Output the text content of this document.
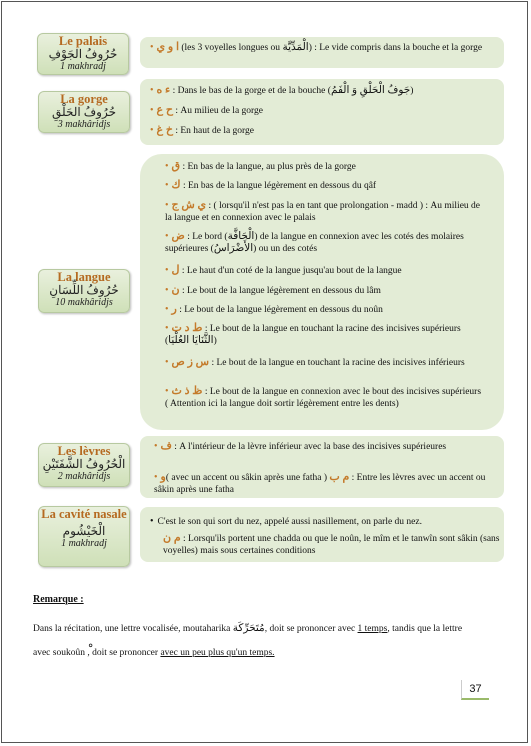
Le palais
حُرُوفُ الجَوْفِ
1 makhradj
• ا و ي (les 3 voyelles longues ou الْمَدِّيَّة) : Le vide compris dans la bouche et la gorge
La gorge
حُرُوفُ الحَلْقِ
3 makhâridjs
• ء ه : Dans le bas de la gorge et de la bouche (جَوفُ الْحَلْقِ وَ الْفَمُ)
• ح ع : Au milieu de la gorge
• خ غ : En haut de la gorge
La langue
حُرُوفُ اللِّسَانِ
10 makhâridjs
• ق : En bas de la langue, au plus près de la gorge
• ك : En bas de la langue légèrement en dessous du qâf
• ي ش ج : ( lorsqu'il n'est pas la en tant que prolongation - madd ) : Au milieu de la langue et en connexion avec le palais
• ض : Le bord (الْحَافَّة) de la langue en connexion avec les cotés des molaires supérieures (الأَضْرَاسُ) ou un des cotés
• ل : Le haut d'un coté de la langue jusqu'au bout de la langue
• ن : Le bout de la langue légèrement en dessous du lâm
• ر : Le bout de la langue légèrement en dessous du noûn
• ط د ت : Le bout de la langue en touchant la racine des incisives supérieurs (الثَّنَايَا العُلْيَا)
• س ز ص : Le bout de la langue en touchant la racine des incisives inférieurs
• ظ ذ ث : Le bout de la langue en connexion avec le bout des incisives supérieurs ( Attention ici la langue doit sortir légèrement entre les dents)
Les lèvres
الْحُرُوفُ الشَّفَتَيْنِ
2 makhâridjs
• ف : A l'intérieur de la lèvre inférieur avec la base des incisives supérieures
• و( avec un accent ou sâkin après une fatha ) م ب : Entre les lèvres avec un accent ou sâkin après une fatha
La cavité nasale
الْخَيْشُوم
1 makhradj
• C'est le son qui sort du nez, appelé aussi nasillement, on parle du nez.
م ن : Lorsqu'ils portent une chadda ou que le noûn, le mîm et le tanwîn sont sâkin (sans voyelles) mais sous certaines conditions
Remarque :
Dans la récitation, une lettre vocalisée, moutaharika مُتَحَرِّكَة, doit se prononcer avec 1 temps, tandis que la lettre
avec soukoûn , doit se prononcer avec un peu plus qu'un temps.
37
